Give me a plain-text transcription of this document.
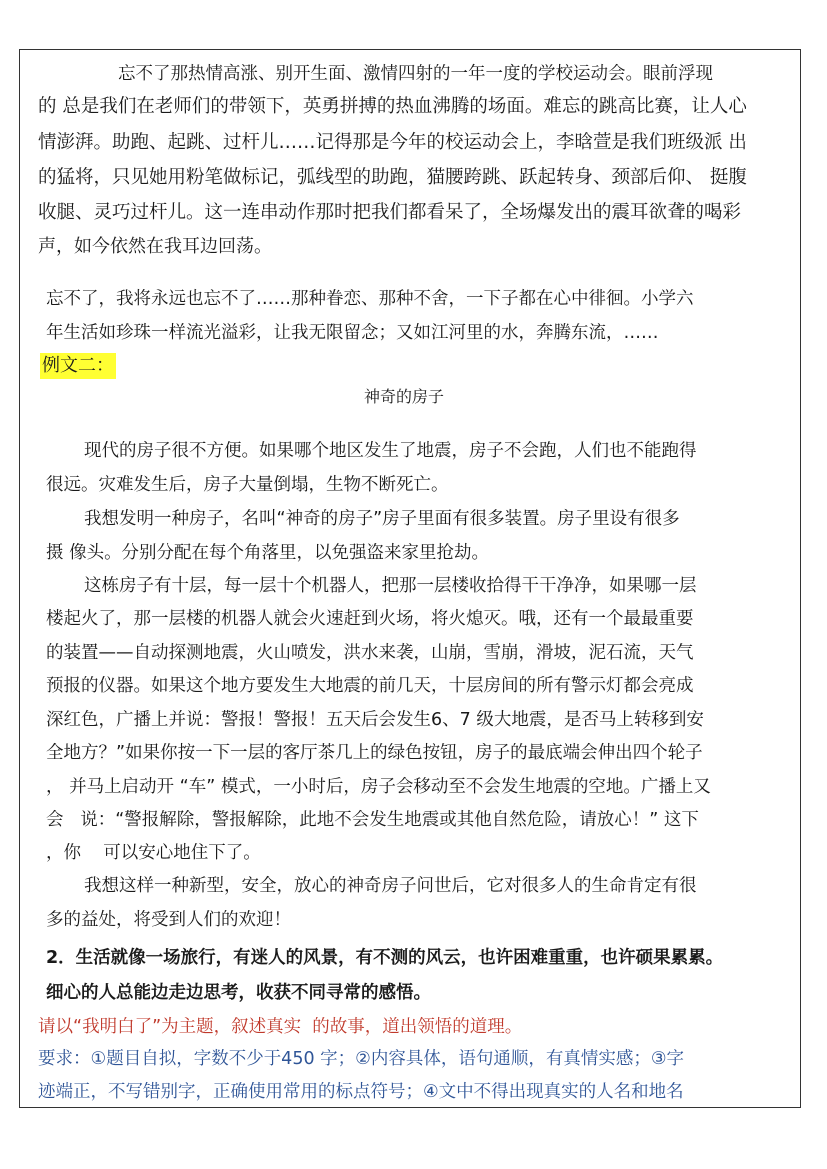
忘不了那热情高涨、别开生面、激情四射的一年一度的学校运动会。眼前浮现
的 总是我们在老师们的带领下，英勇拼搏的热血沸腾的场面。难忘的跳高比赛，让人心
情澎湃。助跑、起跳、过杆儿……记得那是今年的校运动会上，李晗萱是我们班级派 出
的猛将，只见她用粉笔做标记，弧线型的助跑，猫腰跨跳、跃起转身、颈部后仰、 挺腹
收腿、灵巧过杆儿。这一连串动作那时把我们都看呆了，全场爆发出的震耳欲聋的喝彩
声，如今依然在我耳边回荡。
忘不了，我将永远也忘不了……那种眷恋、那种不舍，一下子都在心中徘徊。小学六
年生活如珍珠一样流光溢彩，让我无限留念；又如江河里的水，奔腾东流，……
例文二：
神奇的房子
现代的房子很不方便。如果哪个地区发生了地震，房子不会跑，人们也不能跑得
很远。灾难发生后，房子大量倒塌，生物不断死亡。
我想发明一种房子，名叫“神奇的房子”房子里面有很多装置。房子里设有很多
摄 像头。分别分配在每个角落里，以免强盗来家里抢劫。
这栋房子有十层，每一层十个机器人，把那一层楼收拾得干干净净，如果哪一层
楼起火了，那一层楼的机器人就会火速赶到火场，将火熄灭。哦，还有一个最最重要
的装置——自动探测地震，火山喷发，洪水来袭，山崩，雪崩，滑坡，泥石流，天气
预报的仪器。如果这个地方要发生大地震的前几天，十层房间的所有警示灯都会亮成
深红色，广播上并说：警报！警报！五天后会发生6、7 级大地震，是否马上转移到安
全地方？”如果你按一下一层的客厅茶几上的绿色按钮，房子的最底端会伸出四个轮子
， 并马上启动开 “车” 模式，一小时后，房子会移动至不会发生地震的空地。广播上又
会   说：“警报解除，警报解除，此地不会发生地震或其他自然危险，请放心！” 这下
，你    可以安心地住下了。
我想这样一种新型，安全，放心的神奇房子问世后，它对很多人的生命肯定有很
多的益处，将受到人们的欢迎！
2．生活就像一场旅行，有迷人的风景，有不测的风云，也许困难重重，也许硕果累累。
细心的人总能边走边思考，收获不同寻常的感悟。
请以“我明白了”为主题，叙述真实  的故事，道出领悟的道理。
要求：①题目自拟，字数不少于450 字；②内容具体，语句通顺，有真情实感；③字
迹端正，不写错别字，正确使用常用的标点符号；④文中不得出现真实的人名和地名
